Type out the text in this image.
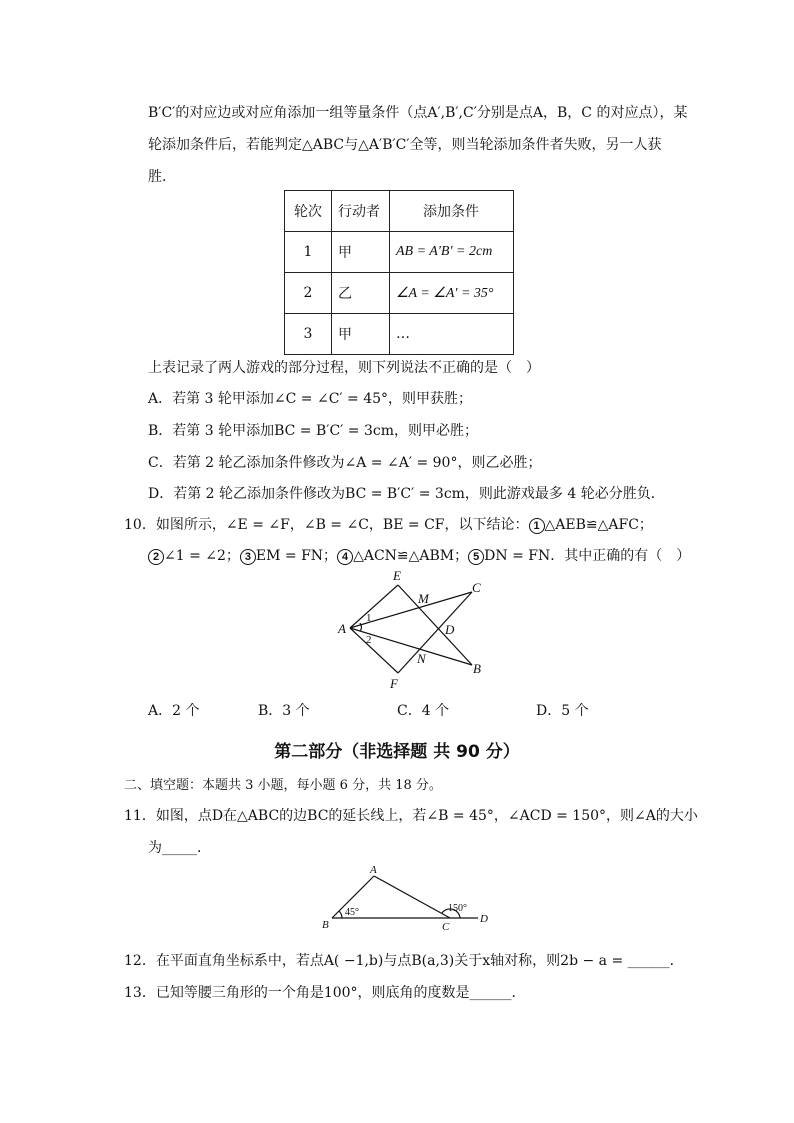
B′C′的对应边或对应角添加一组等量条件（点A′,B′,C′分别是点A，B，C 的对应点），某
轮添加条件后，若能判定△ABC与△A′B′C′全等，则当轮添加条件者失败，另一人获
胜．
轮次	行动者	添加条件
1	甲	AB = A′B′ = 2cm
2	乙	∠A = ∠A′ = 35°
3	甲	…
上表记录了两人游戏的部分过程，则下列说法不正确的是（　）
A．若第 3 轮甲添加∠C = ∠C′ = 45°，则甲获胜；
B．若第 3 轮甲添加BC = B′C′ = 3cm，则甲必胜；
C．若第 2 轮乙添加条件修改为∠A = ∠A′ = 90°，则乙必胜；
D．若第 2 轮乙添加条件修改为BC = B′C′ = 3cm，则此游戏最多 4 轮必分胜负．
10．如图所示，∠E = ∠F，∠B = ∠C，BE = CF，以下结论： 1 △AEB≌△AFC；
2 ∠1 = ∠2； 3 EM = FN； 4 △ACN≌△ABM； 5 DN = FN．其中正确的有（　）
E
M
C
A	D
N
B
F
1
2
A．2 个	B．3 个	C．4 个	D．5 个
第二部分（非选择题 共 90 分）
二、填空题：本题共 3 小题，每小题 6 分，共 18 分。
11．如图，点D在△ABC的边BC的延长线上，若∠B = 45°，∠ACD = 150°，则∠A的大小
为_____．
A
B	C
D
45°	150°
12．在平面直角坐标系中，若点A( −1,b)与点B(a,3)关于x轴对称，则2b − a = ______．
13．已知等腰三角形的一个角是100°，则底角的度数是______．
